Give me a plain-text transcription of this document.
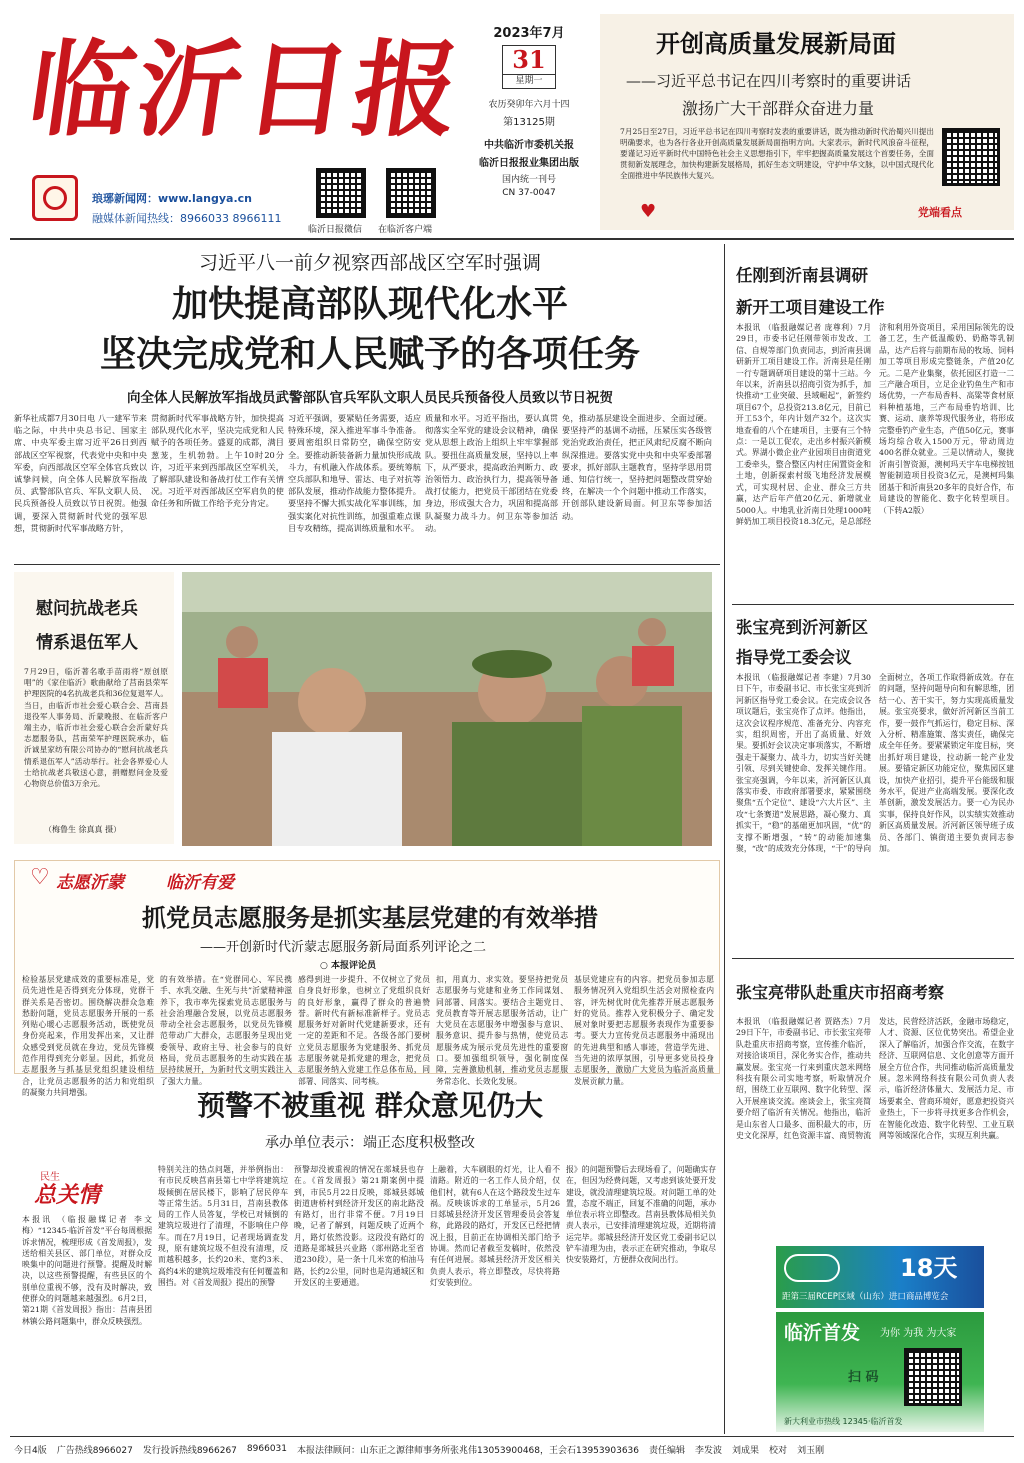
临沂日报
琅琊新闻网：www.langya.cn
融媒体新闻热线：8966033 8966111
临沂日报微信 在临沂客户端
2023年7月
31
星期一
农历癸卯年六月十四
第13125期
中共临沂市委机关报
临沂日报报业集团出版
国内统一刊号
CN 37-0047
开创高质量发展新局面
——习近平总书记在四川考察时的重要讲话
激扬广大干部群众奋进力量
7月25日至27日，习近平总书记在四川考察时发表的重要讲话，既为推动新时代治蜀兴川提出明确要求，也为各行各业开创高质量发展新局面指明方向。大家表示，新时代风浪奋斗征程，要谨记习近平新时代中国特色社会主义思想指引下，牢牢把握高质量发展这个首要任务，全面贯彻新发展理念，加快构建新发展格局，抓好生态文明建设，守护中华文脉，以中国式现代化全面推进中华民族伟大复兴。
党端看点
♥
习近平八一前夕视察西部战区空军时强调
加快提高部队现代化水平
坚决完成党和人民赋予的各项任务
向全体人民解放军指战员武警部队官兵军队文职人员民兵预备役人员致以节日祝贺
新华社成都7月30日电 八一建军节来临之际，中共中央总书记、国家主席、中央军委主席习近平26日到西部战区空军视察，代表党中央和中央军委，向西部战区空军全体官兵致以诚挚问候，向全体人民解放军指战员、武警部队官兵、军队文职人员、民兵预备役人员致以节日祝贺。他强调，要深入贯彻新时代党的强军思想，贯彻新时代军事战略方针，
贯彻新时代军事战略方针，加快提高部队现代化水平，坚决完成党和人民赋予的各项任务。盛夏的成都，满目葱茏，生机勃勃。上午10时20分许，习近平来到西部战区空军机关，了解部队建设和备战打仗工作有关情况。习近平对西部战区空军肩负的使命任务和所做工作给予充分肯定。
习近平强调，要紧贴任务需要，适应特殊环境，深入推进军事斗争准备。要周密组织日常防空，确保空防安全。要推动新装备新力量加快形成战斗力，有机融入作战体系。要统筹航空兵部队和地导、雷达、电子对抗等部队发展，推动作战能力整体提升。要坚持不懈大抓实战化军事训练，加强实案化对抗性训练，加强重难点课目专攻精练，提高训练质量和水平。
质量和水平。习近平指出，要认真贯彻落实全军党的建设会议精神，确保党从思想上政治上组织上牢牢掌握部队。要扭住高质量发展，坚持以上率下，从严要求，提高政治判断力、政治领悟力、政治执行力，提高领导备战打仗能力，把党员干部团结在党委身边，形成强大合力，巩固和提高部队凝聚力战斗力。何卫东等参加活动。
免，推动基层建设全面进步、全面过硬。要坚持严的基调不动摇，压紧压实各级管党治党政治责任，把正风肃纪反腐不断向纵深推进。要落实党中央和中央军委部署要求，抓好部队主题教育，坚持学思用贯通、知信行统一，坚持把问题整改贯穿始终，在解决一个个问题中推动工作落实，开创部队建设新局面。何卫东等参加活动。
任刚到沂南县调研
新开工项目建设工作
本报讯 （临报融媒记者 庞尊利）7月29日，市委书记任刚带领市发改、工信、自规等部门负责同志，到沂南县调研新开工项目建设工作。沂南县是任刚一行专题调研项目建设的第十三站。今年以来，沂南县以招商引资为抓手，加快推动“工业突破、县域崛起”，新签约项目67个，总投资213.8亿元，目前已开工53个，年内计划产32个。这次实地查看的八个在建项目，主要有三个特点：一是以工促农，走出乡村振兴新模式。界湖小微企业产业园项目由街道党工委牵头，整合整区内村庄闲置资金和土地，创新探索村级飞地经济发展模式，可实现村居、企业、群众三方共赢，达产后年产值20亿元、新增就业5000人。中地乳业沂南日处理1000吨鲜奶加工项目投资18.3亿元，是总部经济和利用外资项目，采用国际领先的设备工艺，生产低温酸奶、奶酪等乳制品，达产后将与前期布局的牧场、饲料加工等项目形成完整链条，产值20亿元。二是产业集聚，依托园区打造一二三产融合项目，立足企业钓鱼生产和市场优势，一产布局香料、高粱等食材原料种植基地，三产布局垂钓培训、比赛、运动、康养等现代服务业，将形成完整垂钓产业生态，产值50亿元，赛事场均综合收入1500万元，带动周边400名群众就业。三是以情动人，聚拢沂南引智资源，澳柯玛天宇车电梯按钮智能制造项目投资3亿元，是澳柯玛集团基于和沂南县20多年的良好合作，布局建设的智能化、数字化转型项目。（下转A2版）
张宝亮到沂河新区
指导党工委会议
本报讯 （临报融媒记者 李建）7月30日下午，市委副书记、市长张宝亮到沂河新区指导党工委会议。在完成会议各项议题后，张宝亮作了点评。他指出，这次会议程序规范、准备充分、内容充实，组织周密，开出了高质量、好效果。要抓好会议决定事项落实，不断增强走干凝聚力、战斗力，切实当好关键引领、尽到关键使命、发挥关键作用。张宝亮强调，今年以来，沂河新区认真落实市委、市政府部署要求，紧紧围绕聚焦“五个定位”、建设“六大片区”、主攻“七条赛道”发展思路，凝心聚力、真抓实干，“稳”的基础更加巩固，“优”的支撑不断增强，“转”的动能加速集聚，“改”的成效充分体现，“干”的导向全面树立，各项工作取得新成效。存在的问题，坚持问题导向和有解思维，团结一心、苦干实干，努力实现高质量发展。张宝亮要求，做好沂河新区当前工作，要一鼓作气抓运行，稳定目标、深入分析、精准施策、落实责任，确保完成全年任务。要紧紧锁定年度目标，突出抓好项目建设，拉动新一轮产业发展。要锚定新区功能定位，聚焦园区建设，加快产业招引，提升平台能级和服务水平，促进产业高端发展。要深化改革创新，激发发展活力。要一心为民办实事，保持良好作风，以实绩实效推动新区高质量发展。沂河新区领导班子成员、各部门、镇街道主要负责同志参加。
张宝亮带队赴重庆市招商考察
本报讯 （临报融媒记者 贾路杰）7月29日下午，市委副书记、市长张宝亮带队赴重庆市招商考察，宣传推介临沂，对接洽谈项目，深化务实合作，推动共赢发展。张宝亮一行来到重庆忽米网络科技有限公司实地考察，听取情况介绍，围绕工业互联网、数字化转型、深入开展座谈交流。座谈会上，张宝亮简要介绍了临沂有关情况。他指出，临沂是山东省人口最多、面积最大的市，历史文化深厚，红色资源丰富、商贸物流发达，民营经济活跃，金融市场稳定，人才、资源、区位优势突出。希望企业深入了解临沂，加强合作交流，在数字经济、互联网信息、文化创意等方面开展全方位合作，共同推动临沂高质量发展。忽米网络科技有限公司负责人表示，临沂经济体量大、发展活力足、市场要素全、营商环境好，愿意把投资兴业热土，下一步将寻找更多合作机会，在智能化改造、数字化转型、工业互联网等领域深化合作，实现互利共赢。
18天
距第三届RCEP区域（山东）进口商品博览会
临沂首发 为你 为我 为大家
扫 码
新大利业市热线 12345·临沂首发
慰问抗战老兵
情系退伍军人
7月29日，临沂著名歌手苗雨将“原创原唱”的《家住临沂》歌曲献给了莒南县荣军护理医院的4名抗战老兵和36位复退军人。当日，由临沂市社会爱心联合会、莒南县退役军人事务局、沂蒙晚报、在临沂客户端主办，临沂市社会爱心联合会沂蒙好兵志愿服务队，莒南荣军护理医院承办，临沂诚星家纺有限公司协办的“慰问抗战老兵 情系退伍军人”活动举行。社会各界爱心人士给抗战老兵敬送心意，捐赠慰问金及爱心物资总价值3万余元。
（梅鲁生 徐真真 摄）
♡ 志愿沂蒙 临沂有爱
抓党员志愿服务是抓实基层党建的有效举措
——开创新时代沂蒙志愿服务新局面系列评论之二
○ 本报评论员
检验基层党建成效的重要标准是，党员先进性是否得到充分体现，党群干群关系是否密切。围绕解决群众急难愁盼问题，党员志愿服务开展的一系列贴心暖心志愿服务活动，既使党员身份亮起来，作用发挥出来，又让群众感受到党员就在身边，党员先锋模范作用得到充分彰显。因此，抓党员志愿服务与抓基层党组织建设相结合，让党员志愿服务的活力和党组织的凝聚力共同增强。
的有效举措。在“党群同心、军民携手、水乳交融、生死与共”沂蒙精神滋养下，我市率先探索党员志愿服务与社会治理融合发展，以党员志愿服务带动全社会志愿服务，以党员先锋模范带动广大群众，志愿服务呈现出党委领导、政府主导、社会参与的良好格局，党员志愿服务的生动实践在基层持续展开，为新时代文明实践注入了强大力量。
感得到进一步提升、不仅树立了党员自身良好形象，也树立了党组织良好的良好形象，赢得了群众的普遍赞誉。新时代有新标准新样子。党员志愿服务好对新时代党建新要求，还有一定的差距和不足。各级各部门要树立党员志愿服务为党建服务、抓党员志愿服务就是抓党建的理念，把党员志愿服务纳入党建工作总体布局，同部署、同落实、同考核。
扣，用真力、求实效。要坚持把党员志愿服务与党建和业务工作同谋划、同部署、同落实。要结合主题党日、党员教育等开展志愿服务活动，让广大党员在志愿服务中增强参与意识、服务意识、提升参与热情，使党员志愿服务成为展示党员先进性的重要窗口。要加强组织领导，强化制度保障，完善激励机制，推动党员志愿服务常态化、长效化发展。
基层党建应有的内容。把党员参加志愿服务情况列入党组织生活会对照检查内容，评先树优时优先推荐开展志愿服务好的党员。推荐入党积极分子、确定发展对象时要把志愿服务表现作为重要参考。要大力宣传党员志愿服务中涌现出的先进典型和感人事迹，营造学先进、当先进的浓厚氛围，引导更多党员投身志愿服务，激励广大党员为临沂高质量发展贡献力量。
预警不被重视 群众意见仍大
承办单位表示：端正态度积极整改
民生
总关情
本报讯 （临报融媒记者 李文梅）“12345·临沂首发”平台每周根据诉求情况，梳理形成《首发周报》，发送给相关县区、部门单位，对群众反映集中的问题进行预警。提醒及时解决，以这些预警提醒，有些县区的个别单位重视不够，没有及时解决，致使群众的问题越来越强烈。6月2日，第21期《首发周报》指出：莒南县团林镇公路问题集中，群众反映强烈。
特别关注的热点问题，并举例指出：有市民反映莒南县第七中学将建筑垃圾倾倒在居民楼下，影响了居民停车等正常生活。5月31日，莒南县教体局的工作人员答复，学校已对倾倒的建筑垃圾进行了清理，不影响住户停车。而在7月19日，记者现场调查发现，原有建筑垃圾不但没有清理，反而越积越多，长约20米、宽约3米、高约4米的建筑垃圾堆没有任何覆盖和围挡。对《首发周报》提出的预警
预警却没被重视的情况在郯城县也存在。《首发周报》第21期案例中提到，市民5月22日反映，郯城县郯城街道唐桥村到经济开发区的南北路没有路灯，出行非常不便。7月19日晚，记者了解到，问题反映了近两个月，路灯依然没影。这段没有路灯的道路是郯城县兴业路（郯州路北至省道230段），是一条十几米宽的柏油马路，长约2公里，同时也是沟通城区和开发区的主要通道。
上融着，大车刷眼的灯光，让人看不清路。附近的一名工作人员介绍，仅他们村，就有6人在这个路段发生过车祸。反映该诉求的工单显示，5月26日郯城县经济开发区管理委员会答复称，此路段的路灯，开发区已经把情况上报，目前正在协调相关部门给予协调。然而记者截至发稿时，依然没有任何进展。郯城县经济开发区相关负责人表示，将立即整改，尽快将路灯安装到位。
报》的问题预警后去现场看了，问题确实存在，但因为经费问题，又考虑到该处要开发建设，就没清理建筑垃圾。对问题工单的处置，态度不端正，回复不准确的问题，承办单位表示将立即整改。莒南县教体局相关负责人表示，已安排清理建筑垃圾，近期将清运完毕。郯城县经济开发区党工委副书记以铲车清理为由，表示正在研究推动，争取尽快安装路灯，方便群众夜间出行。
今日4版 广告热线8966027 发行投诉热线8966267 8966031 本报法律顾问：山东正之源律师事务所张兆伟13053900468，王会石13953903636 责任编辑 李发波 刘成果 校对 刘玉刚
